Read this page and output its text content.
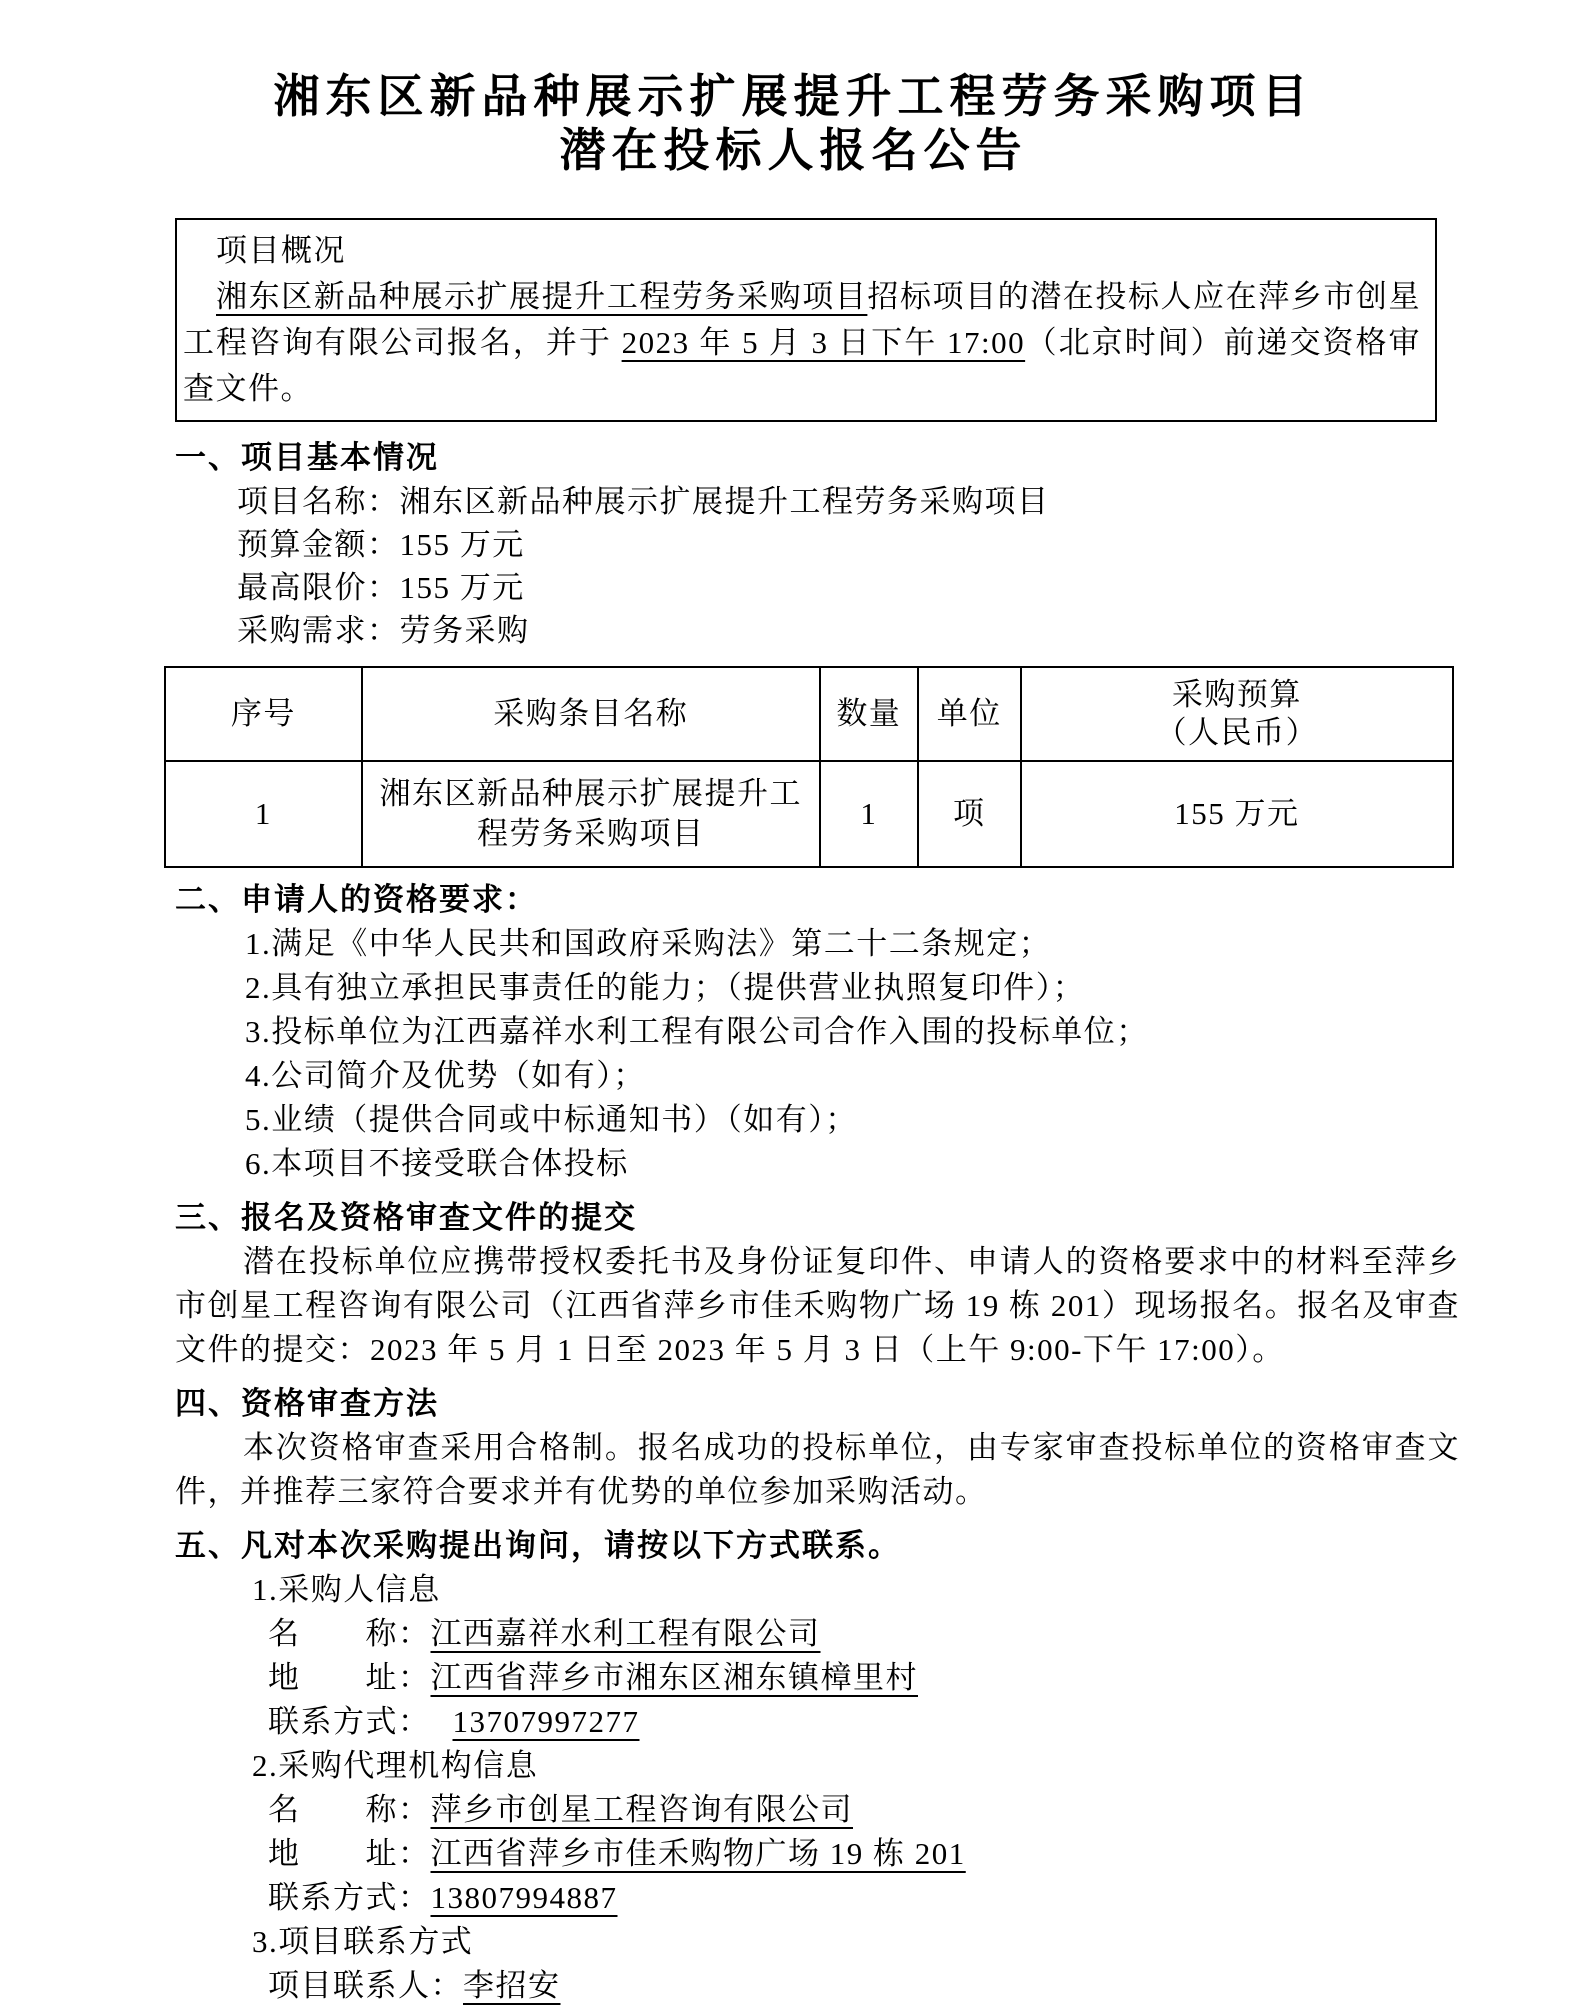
湘东区新品种展示扩展提升工程劳务采购项目
潜在投标人报名公告
项目概况
湘东区新品种展示扩展提升工程劳务采购项目招标项目的潜在投标人应在萍乡市创星工程咨询有限公司报名，并于 2023 年 5 月 3 日下午 17:00（北京时间）前递交资格审查文件。
一、项目基本情况
项目名称：湘东区新品种展示扩展提升工程劳务采购项目
预算金额：155 万元
最高限价：155 万元
采购需求：劳务采购
序号	采购条目名称	数量	单位	采购预算
（人民币）

1	湘东区新品种展示扩展提升工程劳务采购项目	1	项	155 万元
二、申请人的资格要求：
1.满足《中华人民共和国政府采购法》第二十二条规定；
2.具有独立承担民事责任的能力；（提供营业执照复印件）；
3.投标单位为江西嘉祥水利工程有限公司合作入围的投标单位；
4.公司简介及优势（如有）；
5.业绩（提供合同或中标通知书）（如有）；
6.本项目不接受联合体投标
三、报名及资格审查文件的提交

潜在投标单位应携带授权委托书及身份证复印件、申请人的资格要求中的材料至萍乡市创星工程咨询有限公司（江西省萍乡市佳禾购物广场 19 栋 201）现场报名。报名及审查文件的提交：2023 年 5 月 1 日至 2023 年 5 月 3 日（上午 9:00-下午 17:00）。

四、资格审查方法

本次资格审查采用合格制。报名成功的投标单位，由专家审查投标单位的资格审查文件，并推荐三家符合要求并有优势的单位参加采购活动。

五、凡对本次采购提出询问，请按以下方式联系。
1.采购人信息
名　　称：江西嘉祥水利工程有限公司
地　　址：江西省萍乡市湘东区湘东镇樟里村
联系方式： 13707997277
2.采购代理机构信息
名　　称：萍乡市创星工程咨询有限公司
地　　址：江西省萍乡市佳禾购物广场 19 栋 201
联系方式：13807994887
3.项目联系方式
项目联系人：李招安
